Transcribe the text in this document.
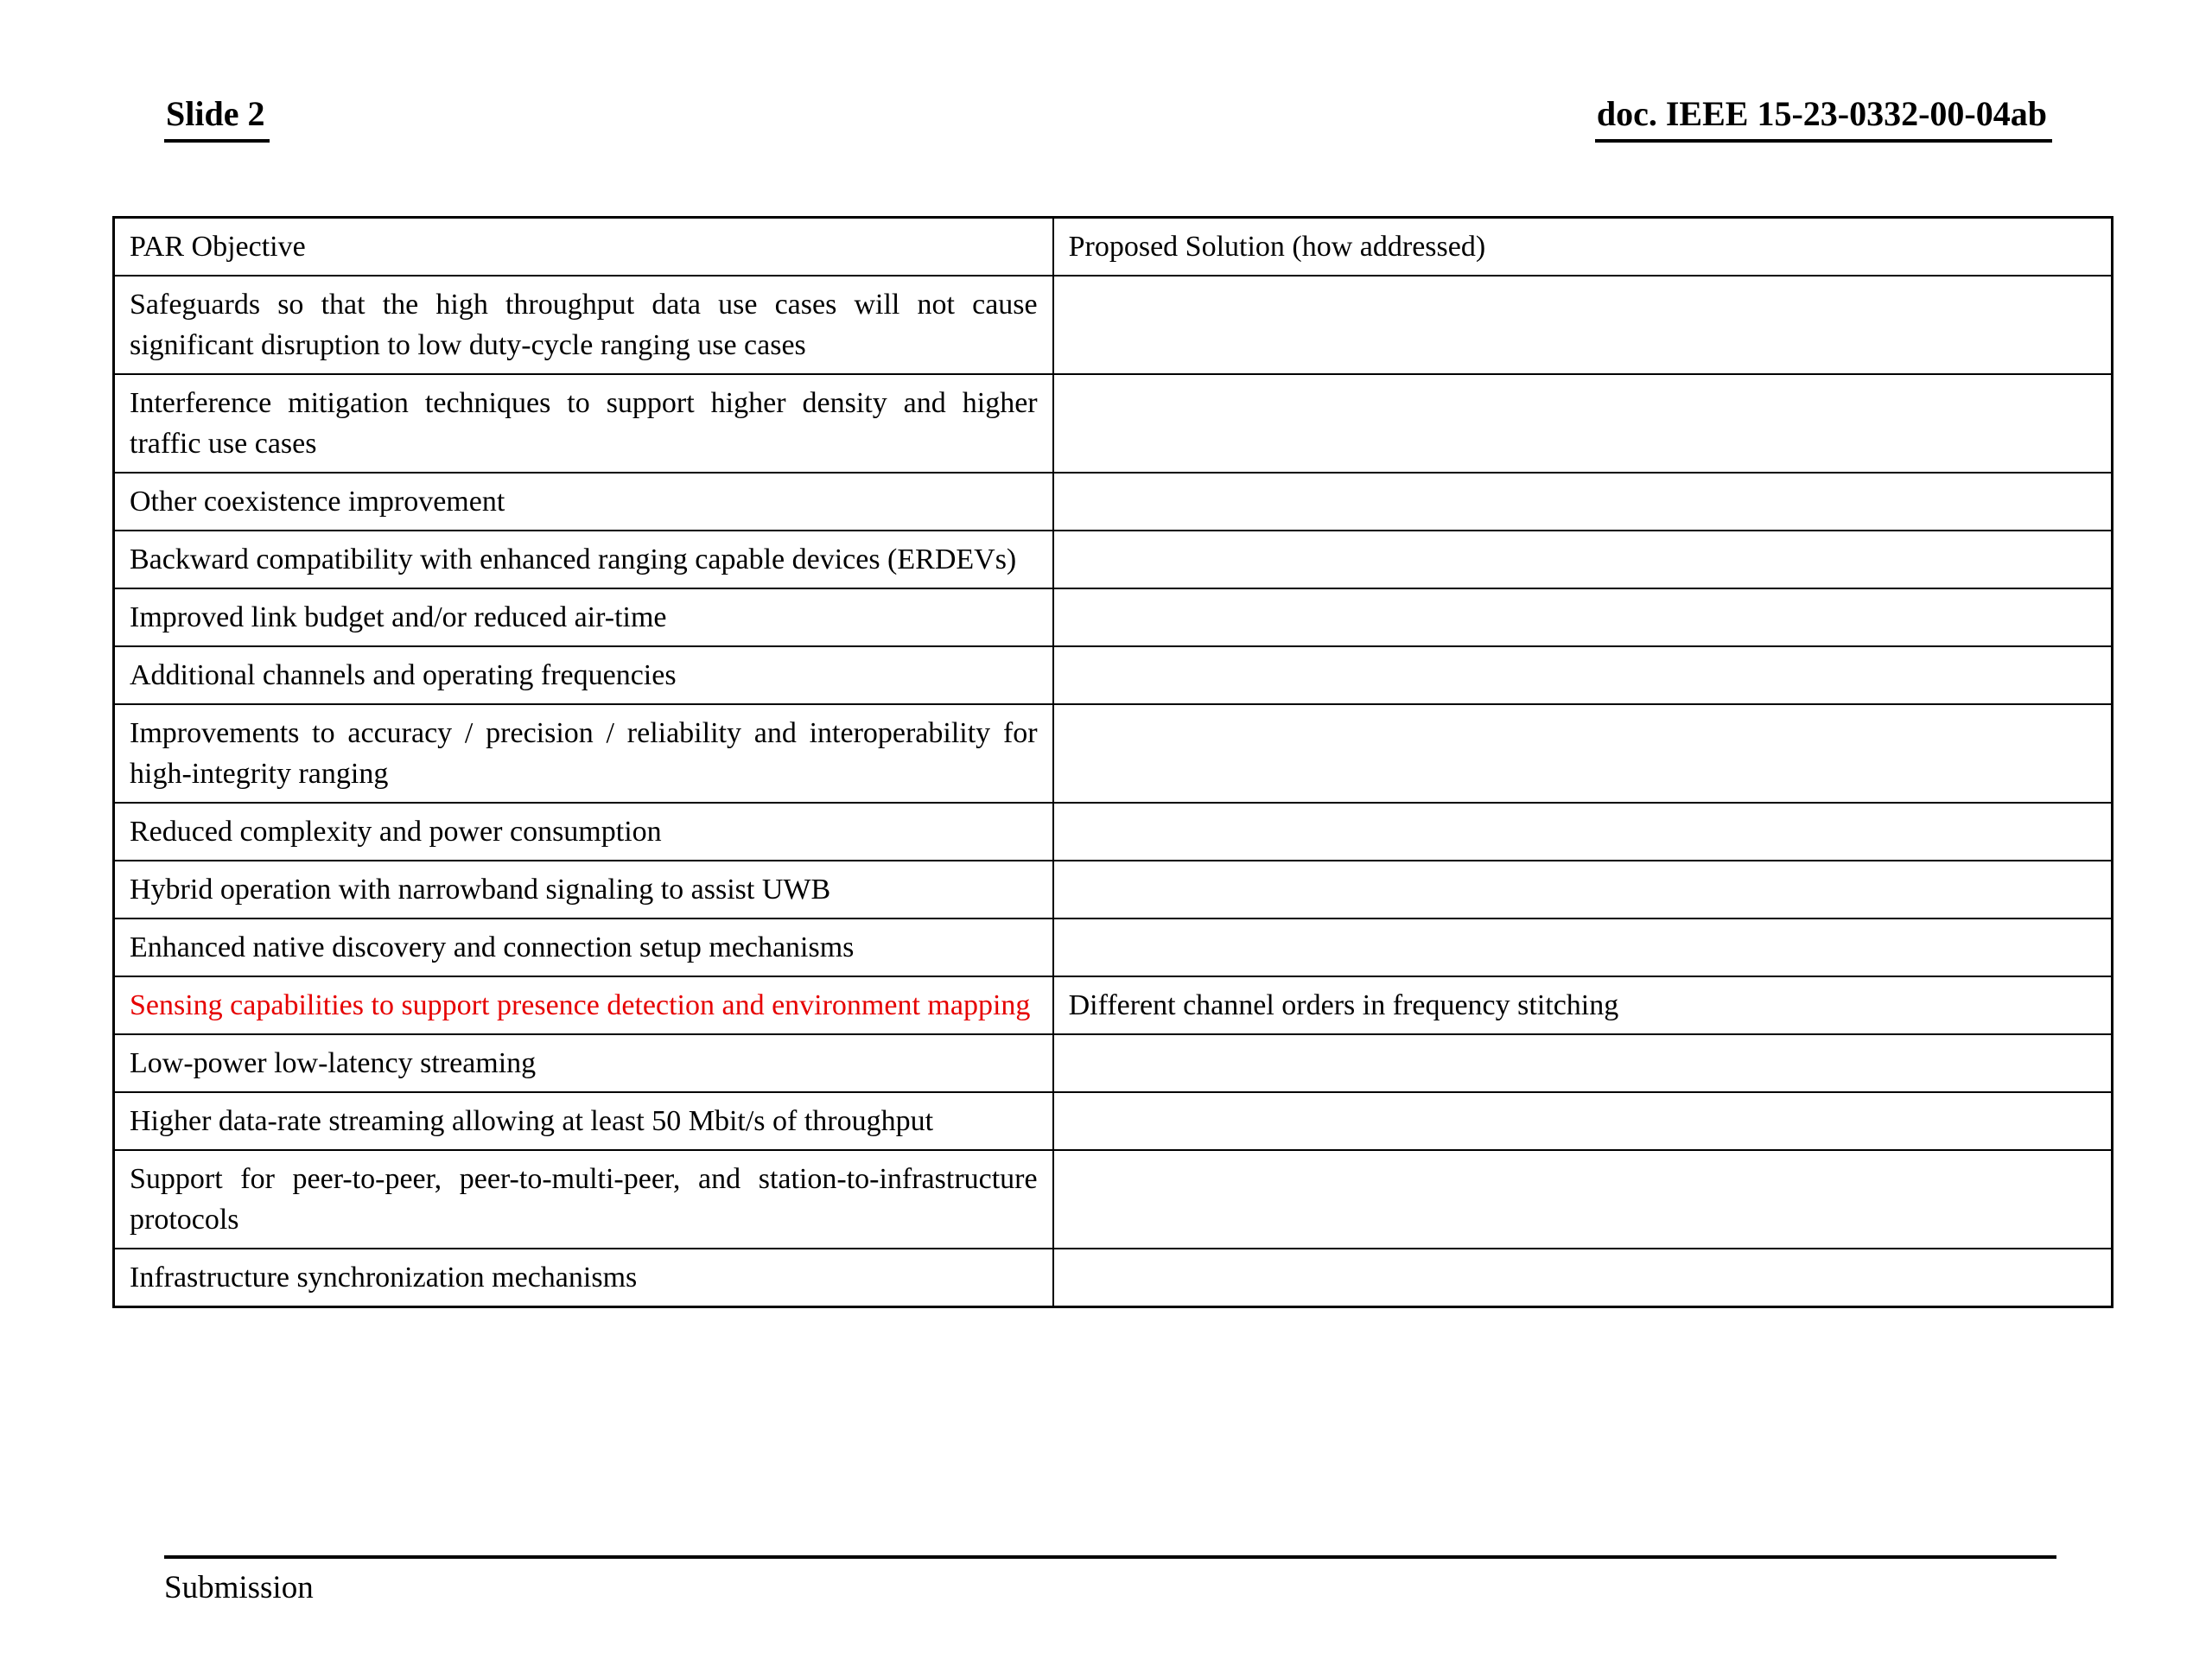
Slide 2	doc. IEEE 15-23-0332-00-04ab
PAR Objective	Proposed Solution (how addressed)
Safeguards so that the high throughput data use cases will not cause significant disruption to low duty-cycle ranging use cases	
Interference mitigation techniques to support higher density and higher traffic use cases	
Other coexistence improvement	
Backward compatibility with enhanced ranging capable devices (ERDEVs)	
Improved link budget and/or reduced air-time	
Additional channels and operating frequencies	
Improvements to accuracy / precision / reliability and interoperability for high-integrity ranging	
Reduced complexity and power consumption	
Hybrid operation with narrowband signaling to assist UWB	
Enhanced native discovery and connection setup mechanisms	
Sensing capabilities to support presence detection and environment mapping	Different channel orders in frequency stitching
Low-power low-latency streaming	
Higher data-rate streaming allowing at least 50 Mbit/s of throughput	
Support for peer-to-peer, peer-to-multi-peer, and station-to-infrastructure protocols	
Infrastructure synchronization mechanisms	
Submission
